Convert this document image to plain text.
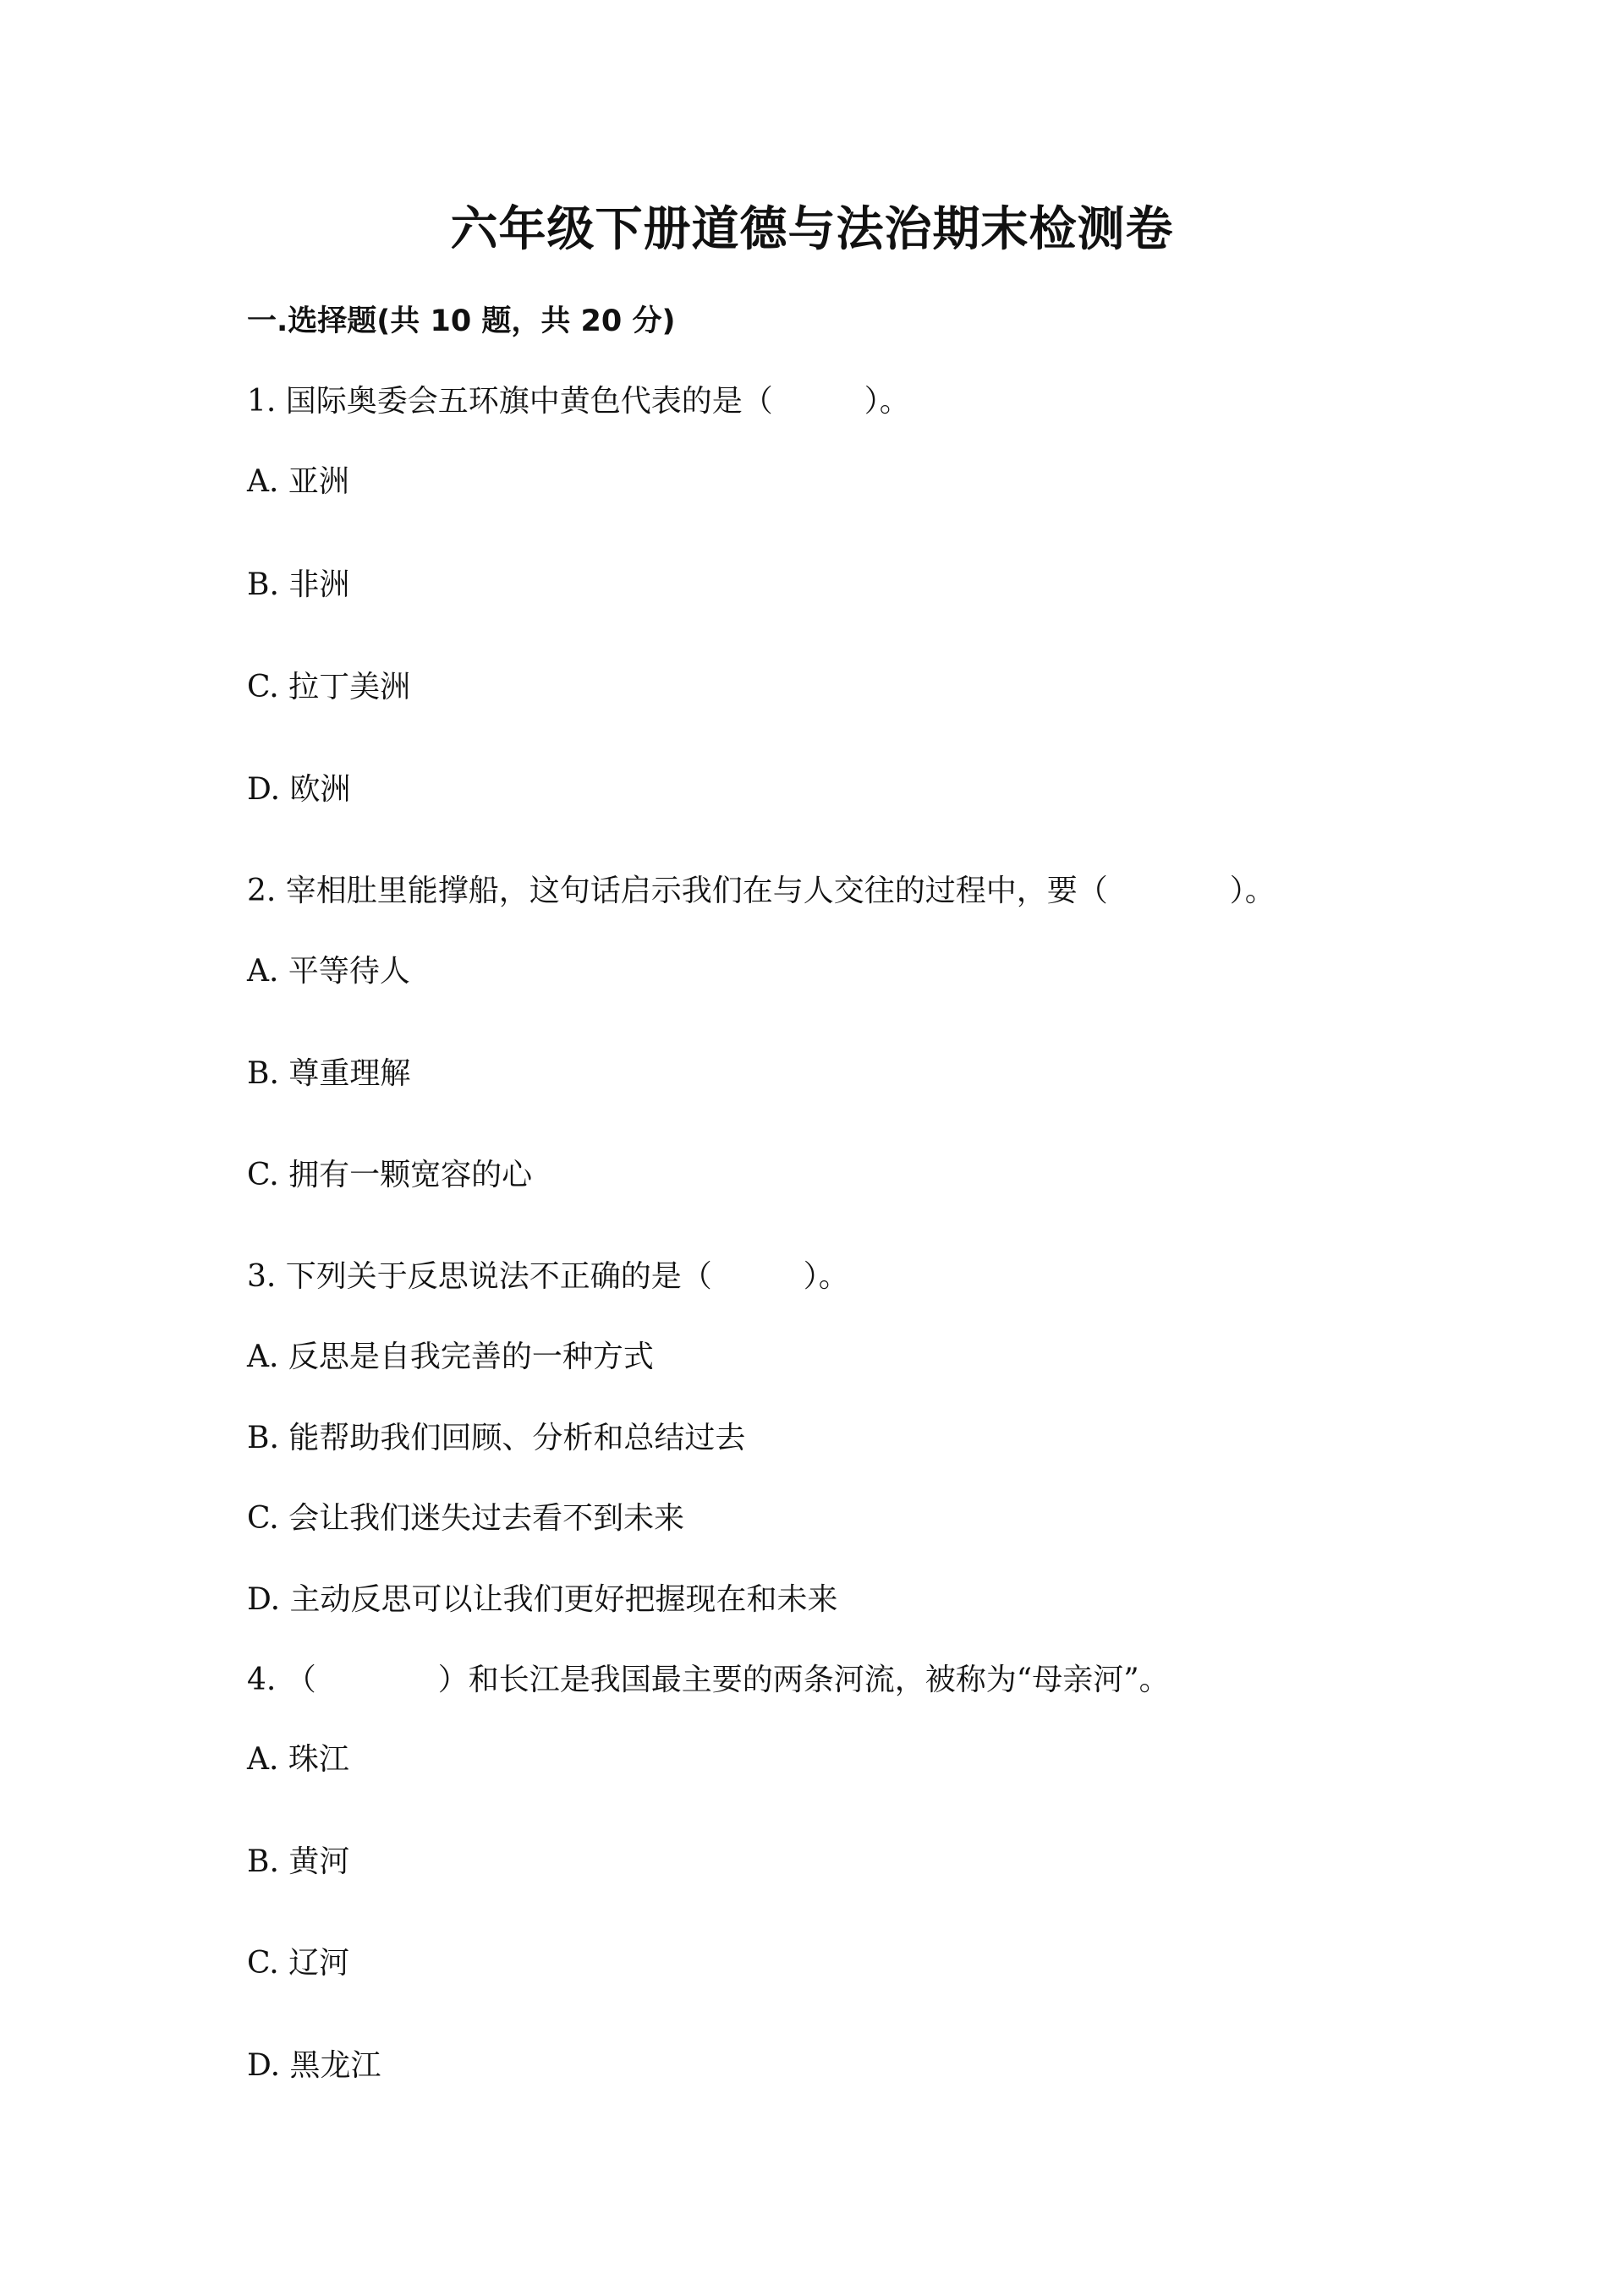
六年级下册道德与法治期末检测卷
一.选择题(共 10 题，共 20 分)
1. 国际奥委会五环旗中黄色代表的是（　　　）。
A. 亚洲
B. 非洲
C. 拉丁美洲
D. 欧洲
2. 宰相肚里能撑船，这句话启示我们在与人交往的过程中，要（　　　　）。
A. 平等待人
B. 尊重理解
C. 拥有一颗宽容的心
3. 下列关于反思说法不正确的是（　　　）。
A. 反思是自我完善的一种方式
B. 能帮助我们回顾、分析和总结过去
C. 会让我们迷失过去看不到未来
D. 主动反思可以让我们更好把握现在和未来
4. （　　　　）和长江是我国最主要的两条河流，被称为“母亲河”。
A. 珠江
B. 黄河
C. 辽河
D. 黑龙江
